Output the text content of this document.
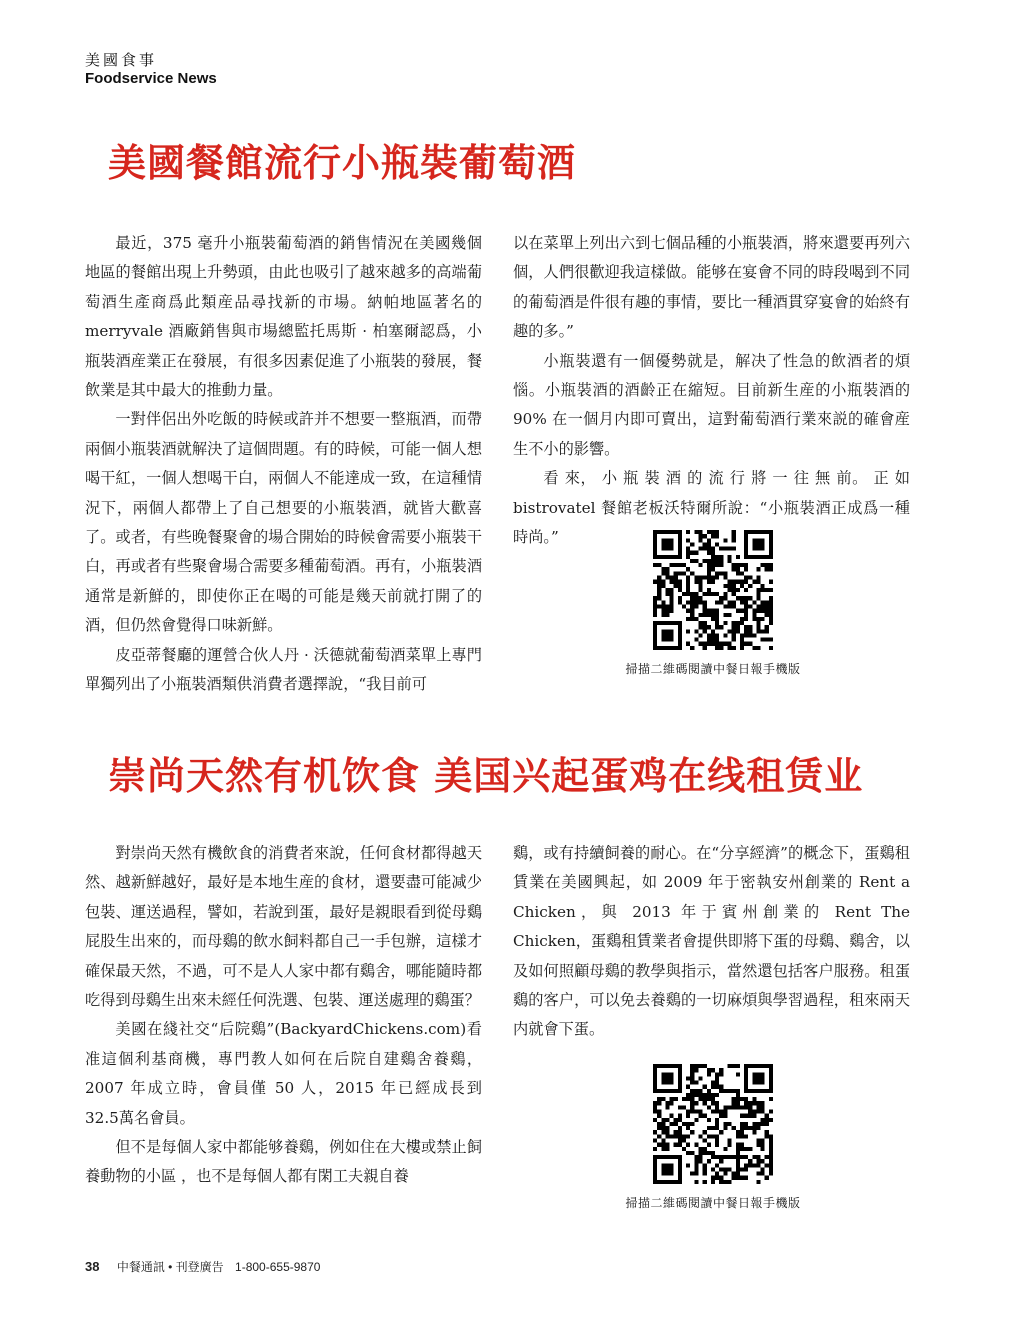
美國食事
Foodservice News
美國餐館流行小瓶裝葡萄酒

最近，375 毫升小瓶裝葡萄酒的銷售情況在美國幾個地區的餐館出現上升勢頭，由此也吸引了越來越多的高端葡萄酒生產商爲此類産品尋找新的市場。納帕地區著名的 merryvale 酒廠銷售與市場總監托馬斯 · 柏塞爾認爲，小瓶裝酒産業正在發展，有很多因素促進了小瓶裝的發展，餐飲業是其中最大的推動力量。

一對伴侶出外吃飯的時候或許并不想要一整瓶酒，而帶兩個小瓶裝酒就解決了這個問題。有的時候，可能一個人想喝干紅，一個人想喝干白，兩個人不能達成一致，在這種情況下，兩個人都帶上了自己想要的小瓶裝酒，就皆大歡喜了。或者，有些晚餐聚會的場合開始的時候會需要小瓶裝干白，再或者有些聚會場合需要多種葡萄酒。再有，小瓶裝酒通常是新鮮的，即使你正在喝的可能是幾天前就打開了的酒，但仍然會覺得口味新鮮。

皮亞蒂餐廳的運營合伙人丹 · 沃德就葡萄酒菜單上專門單獨列出了小瓶裝酒類供消費者選擇說，“我目前可

以在菜單上列出六到七個品種的小瓶裝酒，將來還要再列六個，人們很歡迎我這樣做。能够在宴會不同的時段喝到不同的葡萄酒是件很有趣的事情，要比一種酒貫穿宴會的始終有趣的多。”

小瓶裝還有一個優勢就是，解决了性急的飲酒者的煩惱。小瓶裝酒的酒齡正在縮短。目前新生産的小瓶裝酒的 90% 在一個月内即可賣出，這對葡萄酒行業來説的確會産生不小的影響。

看 來， 小 瓶 裝 酒 的 流 行 將 一 往 無 前。 正 如 bistrovatel 餐館老板沃特爾所說：“小瓶裝酒正成爲一種時尚。”

掃描二維碼閱讀中餐日報手機版
崇尚天然有机饮食 美国兴起蛋鸡在线租赁业

對崇尚天然有機飲食的消費者來說，任何食材都得越天然、越新鮮越好，最好是本地生産的食材，還要盡可能减少包裝、運送過程，譬如，若說到蛋，最好是親眼看到從母鷄屁股生出來的，而母鷄的飲水飼料都自己一手包辦，這樣才確保最天然，不過，可不是人人家中都有鷄舍，哪能隨時都吃得到母鷄生出來未經任何洗選、包裝、運送處理的鷄蛋？

美國在綫社交“后院鷄”(BackyardChickens.com)看准這個利基商機，專門教人如何在后院自建鷄舍養鷄，2007 年成立時，會員僅 50 人，2015 年已經成長到 32.5萬名會員。

但不是每個人家中都能够養鷄，例如住在大樓或禁止飼養動物的小區 ，也不是每個人都有閑工夫親自養

鷄，或有持續飼養的耐心。在“分享經濟”的概念下，蛋鷄租賃業在美國興起，如 2009 年于密執安州創業的 Rent a Chicken，與 2013 年于賓州創業的 Rent The Chicken，蛋鷄租賃業者會提供即將下蛋的母鷄、鷄舍，以及如何照顧母鷄的教學與指示，當然還包括客户服務。租蛋鷄的客户，可以免去養鷄的一切麻煩與學習過程，租來兩天内就會下蛋。

掃描二維碼閱讀中餐日報手機版
38 中餐通訊 • 刊登廣告 1-800-655-9870
